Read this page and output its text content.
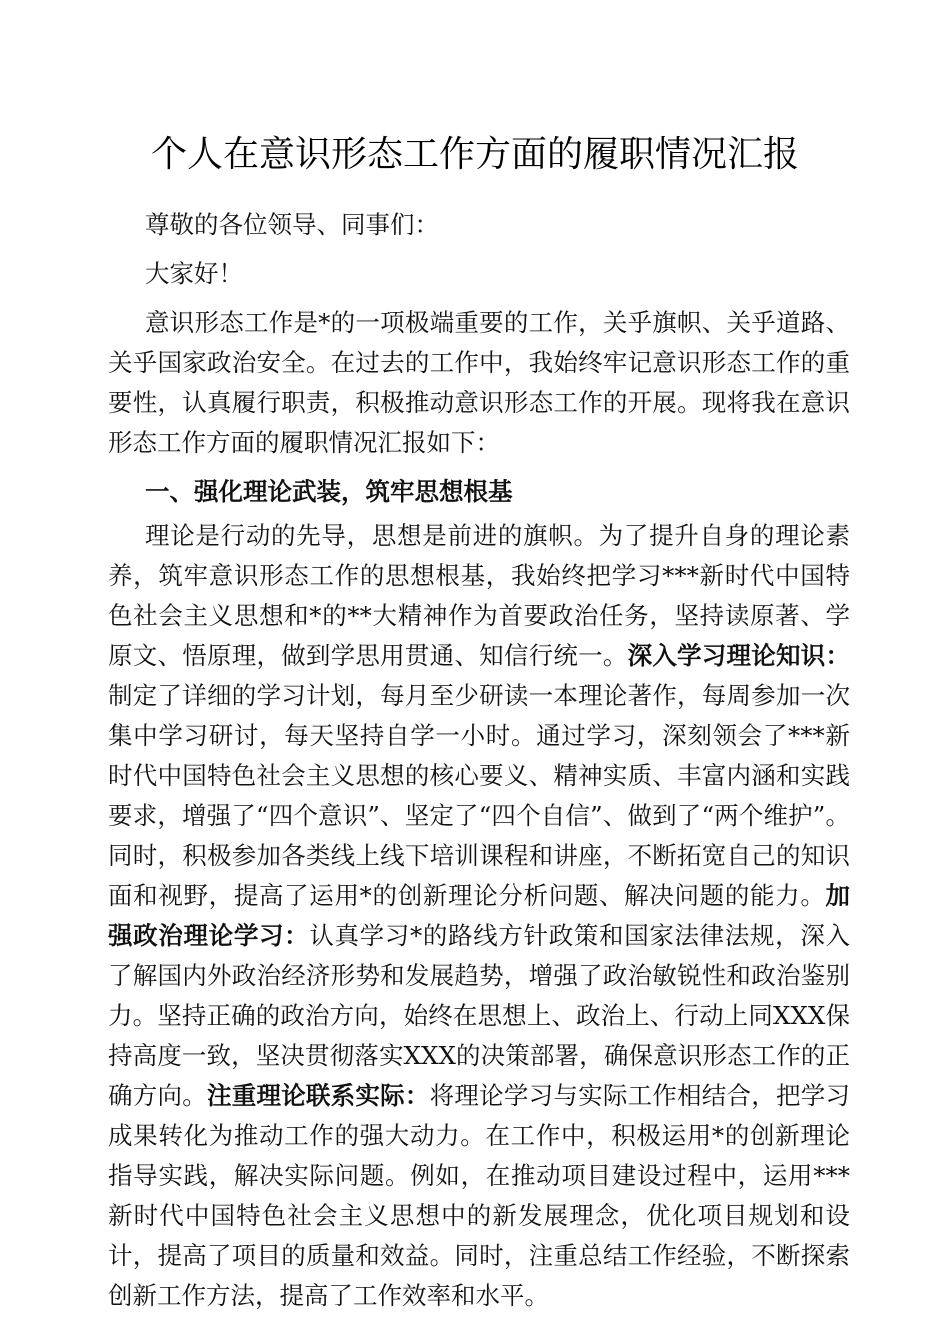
个人在意识形态工作方面的履职情况汇报

尊敬的各位领导、同事们：

大家好！

意识形态工作是*的一项极端重要的工作，关乎旗帜、关乎道路、关乎国家政治安全。在过去的工作中，我始终牢记意识形态工作的重要性，认真履行职责，积极推动意识形态工作的开展。现将我在意识形态工作方面的履职情况汇报如下：

一、强化理论武装，筑牢思想根基

理论是行动的先导，思想是前进的旗帜。为了提升自身的理论素养，筑牢意识形态工作的思想根基，我始终把学习***新时代中国特色社会主义思想和*的**大精神作为首要政治任务，坚持读原著、学原文、悟原理，做到学思用贯通、知信行统一。深入学习理论知识：制定了详细的学习计划，每月至少研读一本理论著作，每周参加一次集中学习研讨，每天坚持自学一小时。通过学习，深刻领会了***新时代中国特色社会主义思想的核心要义、精神实质、丰富内涵和实践要求，增强了“四个意识”、坚定了“四个自信”、做到了“两个维护”。同时，积极参加各类线上线下培训课程和讲座，不断拓宽自己的知识面和视野，提高了运用*的创新理论分析问题、解决问题的能力。加强政治理论学习：认真学习*的路线方针政策和国家法律法规，深入了解国内外政治经济形势和发展趋势，增强了政治敏锐性和政治鉴别力。坚持正确的政治方向，始终在思想上、政治上、行动上同XXX保持高度一致，坚决贯彻落实XXX的决策部署，确保意识形态工作的正确方向。注重理论联系实际：将理论学习与实际工作相结合，把学习成果转化为推动工作的强大动力。在工作中，积极运用*的创新理论指导实践，解决实际问题。例如，在推动项目建设过程中，运用***新时代中国特色社会主义思想中的新发展理念，优化项目规划和设计，提高了项目的质量和效益。同时，注重总结工作经验，不断探索创新工作方法，提高了工作效率和水平。
